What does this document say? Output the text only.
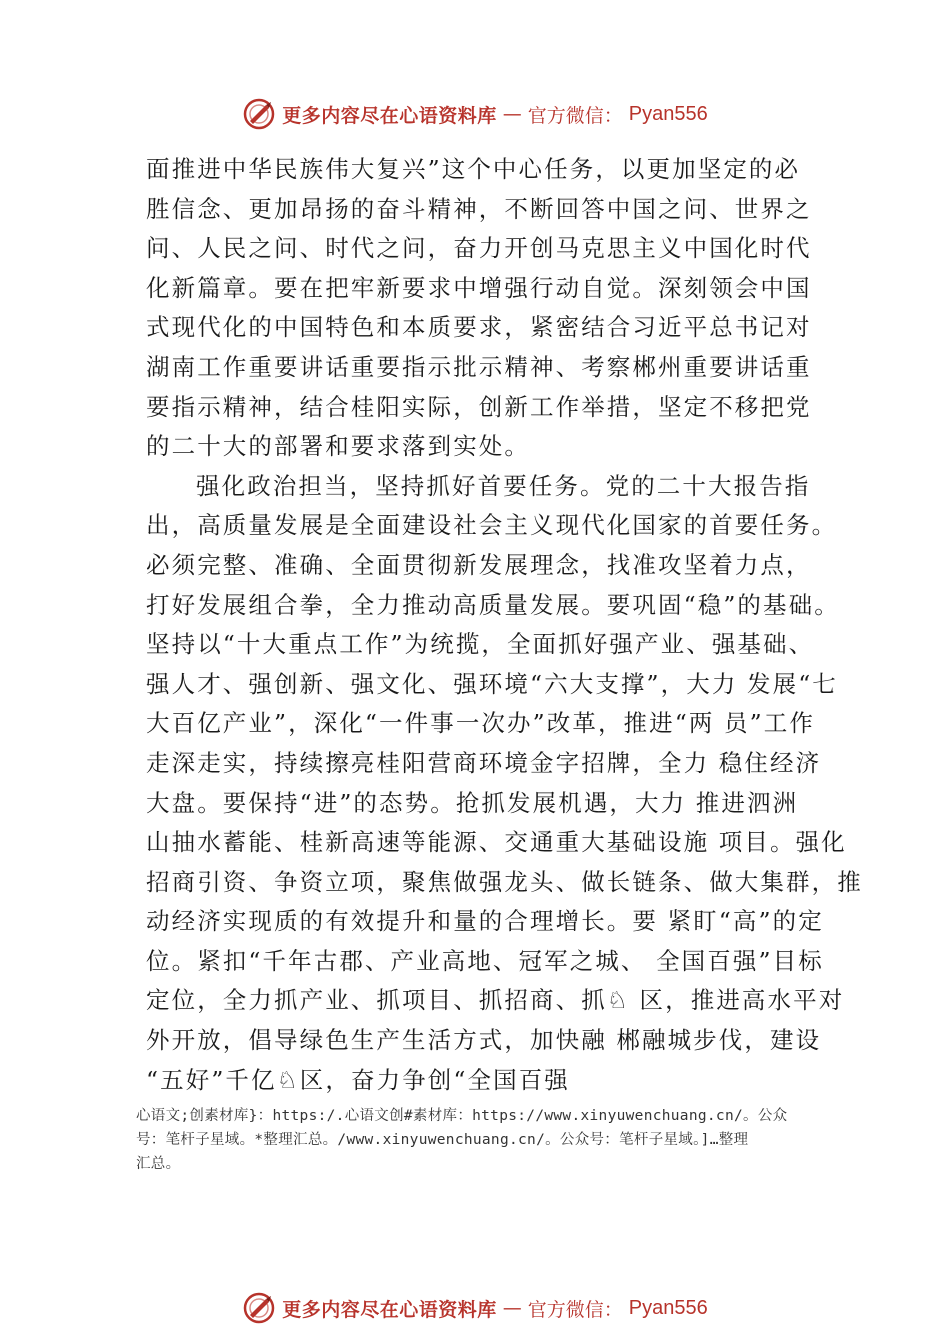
更多内容尽在心语资料库 — 官方微信： Pyan556
面推进中华民族伟大复兴”这个中心任务，以更加坚定的必
胜信念、更加昂扬的奋斗精神，不断回答中国之问、世界之
问、人民之问、时代之问，奋力开创马克思主义中国化时代
化新篇章。要在把牢新要求中增强行动自觉。深刻领会中国
式现代化的中国特色和本质要求，紧密结合习近平总书记对
湖南工作重要讲话重要指示批示精神、考察郴州重要讲话重
要指示精神，结合桂阳实际，创新工作举措，坚定不移把党
的二十大的部署和要求落到实处。
强化政治担当，坚持抓好首要任务。党的二十大报告指
出，高质量发展是全面建设社会主义现代化国家的首要任务。
必须完整、准确、全面贯彻新发展理念，找准攻坚着力点，
打好发展组合拳，全力推动高质量发展。要巩固“稳”的基础。
坚持以“十大重点工作”为统揽，全面抓好强产业、强基础、
强人才、强创新、强文化、强环境“六大支撑”，大力 发展“七
大百亿产业”，深化“一件事一次办”改革，推进“两 员”工作
走深走实，持续擦亮桂阳营商环境金字招牌，全力 稳住经济
大盘。要保持“进”的态势。抢抓发展机遇，大力 推进泗洲
山抽水蓄能、桂新高速等能源、交通重大基础设施 项目。强化
招商引资、争资立项，聚焦做强龙头、做长链条、做大集群，推
动经济实现质的有效提升和量的合理增长。要 紧盯“高”的定
位。紧扣“千年古郡、产业高地、冠军之城、 全国百强”目标
定位，全力抓产业、抓项目、抓招商、抓♘ 区，推进高水平对
外开放，倡导绿色生产生活方式，加快融 郴融城步伐，建设
“五好”千亿♘区，奋力争创“全国百强
心语文;创素材库}：https:/.心语文创#素材库：https://www.xinyuwenchuang.cn/。公众
号：笔杆子星域。*整理汇总。/www.xinyuwenchuang.cn/。公众号：笔杆子星域。]…整理
汇总。
更多内容尽在心语资料库 — 官方微信： Pyan556
